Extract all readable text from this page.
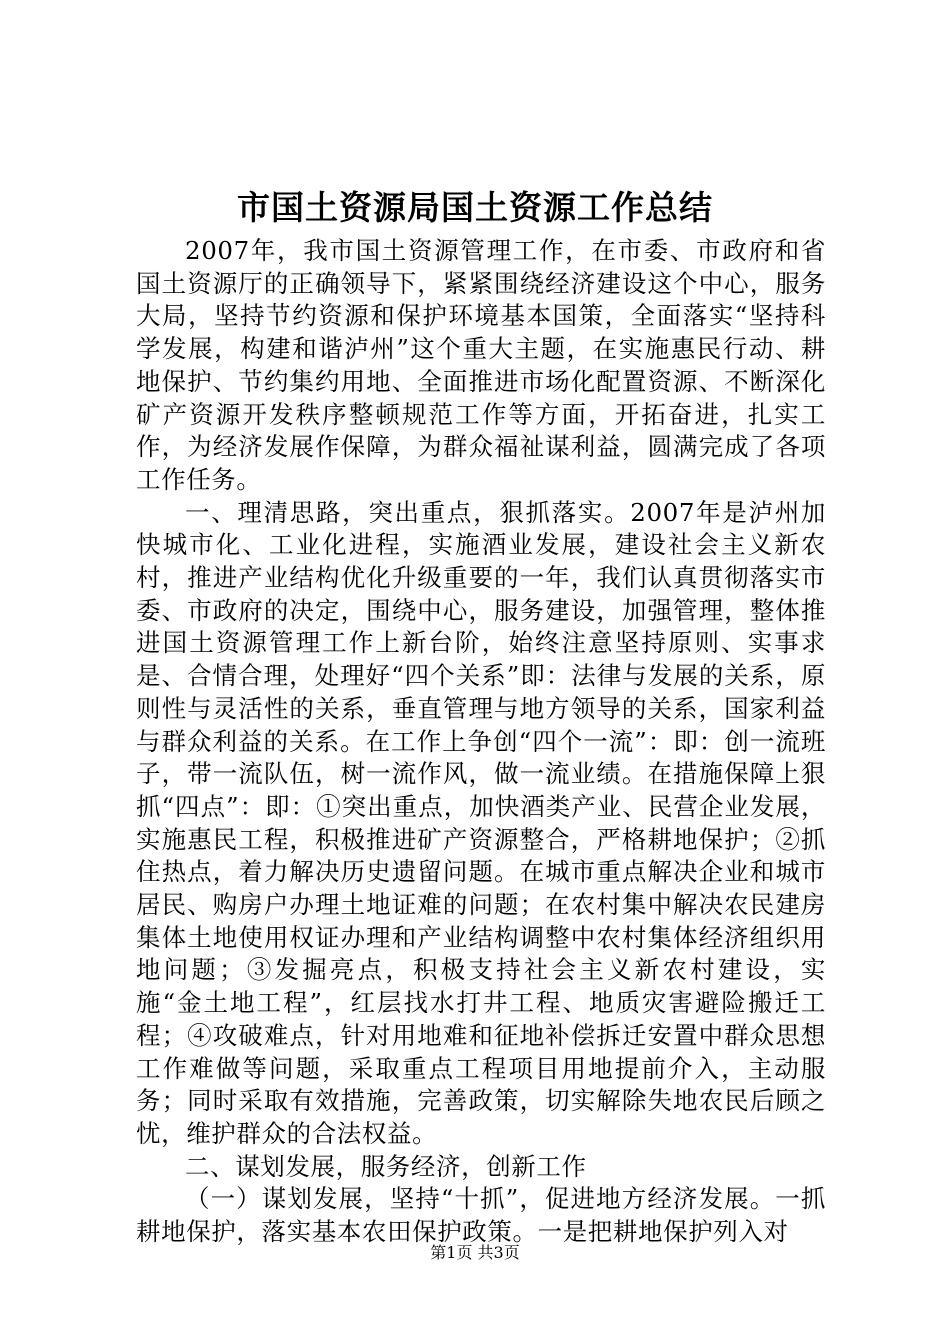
市国土资源局国土资源工作总结

2007年，我市国土资源管理工作，在市委、市政府和省国土资源厅的正确领导下，紧紧围绕经济建设这个中心，服务大局，坚持节约资源和保护环境基本国策，全面落实“坚持科学发展，构建和谐泸州”这个重大主题，在实施惠民行动、耕地保护、节约集约用地、全面推进市场化配置资源、不断深化矿产资源开发秩序整顿规范工作等方面，开拓奋进，扎实工作，为经济发展作保障，为群众福祉谋利益，圆满完成了各项工作任务。

一、理清思路，突出重点，狠抓落实。2007年是泸州加快城市化、工业化进程，实施酒业发展，建设社会主义新农村，推进产业结构优化升级重要的一年，我们认真贯彻落实市委、市政府的决定，围绕中心，服务建设，加强管理，整体推进国土资源管理工作上新台阶，始终注意坚持原则、实事求是、合情合理，处理好“四个关系”即：法律与发展的关系，原则性与灵活性的关系，垂直管理与地方领导的关系，国家利益与群众利益的关系。在工作上争创“四个一流”：即：创一流班子，带一流队伍，树一流作风，做一流业绩。在措施保障上狠抓“四点”：即：①突出重点，加快酒类产业、民营企业发展，实施惠民工程，积极推进矿产资源整合，严格耕地保护；②抓住热点，着力解决历史遗留问题。在城市重点解决企业和城市居民、购房户办理土地证难的问题；在农村集中解决农民建房集体土地使用权证办理和产业结构调整中农村集体经济组织用地问题；③发掘亮点，积极支持社会主义新农村建设，实施“金土地工程”，红层找水打井工程、地质灾害避险搬迁工程；④攻破难点，针对用地难和征地补偿拆迁安置中群众思想工作难做等问题，采取重点工程项目用地提前介入，主动服务；同时采取有效措施，完善政策，切实解除失地农民后顾之忧，维护群众的合法权益。

二、谋划发展，服务经济，创新工作

（一）谋划发展，坚持“十抓”，促进地方经济发展。一抓耕地保护，落实基本农田保护政策。一是把耕地保护列入对

第1页 共3页
